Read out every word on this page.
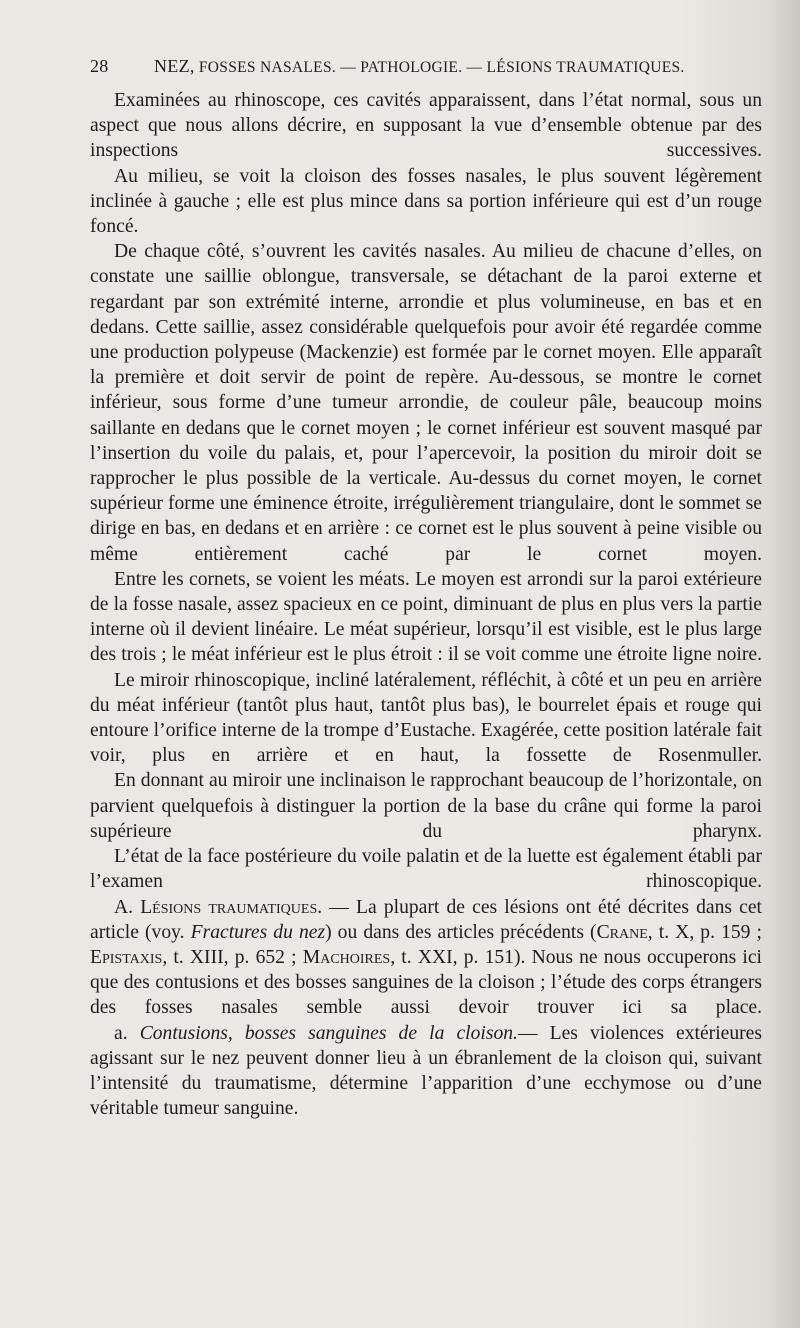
28	NEZ, FOSSES NASALES. — PATHOLOGIE. — LÉSIONS TRAUMATIQUES.

Examinées au rhinoscope, ces cavités apparaissent, dans l’état normal, sous un aspect que nous allons décrire, en supposant la vue d’ensemble obtenue par des inspections successives.

Au milieu, se voit la cloison des fosses nasales, le plus souvent légèrement inclinée à gauche ; elle est plus mince dans sa portion inférieure qui est d’un rouge foncé.

De chaque côté, s’ouvrent les cavités nasales. Au milieu de chacune d’elles, on constate une saillie oblongue, transversale, se détachant de la paroi externe et regardant par son extrémité interne, arrondie et plus volumineuse, en bas et en dedans. Cette saillie, assez considérable quelquefois pour avoir été regardée comme une production polypeuse (Mackenzie) est formée par le cornet moyen. Elle apparaît la première et doit servir de point de repère. Au-dessous, se montre le cornet inférieur, sous forme d’une tumeur arrondie, de couleur pâle, beaucoup moins saillante en dedans que le cornet moyen ; le cornet inférieur est souvent masqué par l’insertion du voile du palais, et, pour l’apercevoir, la position du miroir doit se rapprocher le plus possible de la verticale. Au-dessus du cornet moyen, le cornet supérieur forme une éminence étroite, irrégulièrement triangulaire, dont le sommet se dirige en bas, en dedans et en arrière : ce cornet est le plus souvent à peine visible ou même entièrement caché par le cornet moyen.

Entre les cornets, se voient les méats. Le moyen est arrondi sur la paroi extérieure de la fosse nasale, assez spacieux en ce point, diminuant de plus en plus vers la partie interne où il devient linéaire. Le méat supérieur, lorsqu’il est visible, est le plus large des trois ; le méat inférieur est le plus étroit : il se voit comme une étroite ligne noire.

Le miroir rhinoscopique, incliné latéralement, réfléchit, à côté et un peu en arrière du méat inférieur (tantôt plus haut, tantôt plus bas), le bourrelet épais et rouge qui entoure l’orifice interne de la trompe d’Eustache. Exagérée, cette position latérale fait voir, plus en arrière et en haut, la fossette de Rosenmuller.

En donnant au miroir une inclinaison le rapprochant beaucoup de l’horizontale, on parvient quelquefois à distinguer la portion de la base du crâne qui forme la paroi supérieure du pharynx.

L’état de la face postérieure du voile palatin et de la luette est également établi par l’examen rhinoscopique.

A. Lésions traumatiques. — La plupart de ces lésions ont été décrites dans cet article (voy. Fractures du nez) ou dans des articles précédents (Crane, t. X, p. 159 ; Epistaxis, t. XIII, p. 652 ; Machoires, t. XXI, p. 151). Nous ne nous occuperons ici que des contusions et des bosses sanguines de la cloison ; l’étude des corps étrangers des fosses nasales semble aussi devoir trouver ici sa place.

a. Contusions, bosses sanguines de la cloison.— Les violences extérieures agissant sur le nez peuvent donner lieu à un ébranlement de la cloison qui, suivant l’intensité du traumatisme, détermine l’apparition d’une ecchymose ou d’une véritable tumeur sanguine.
